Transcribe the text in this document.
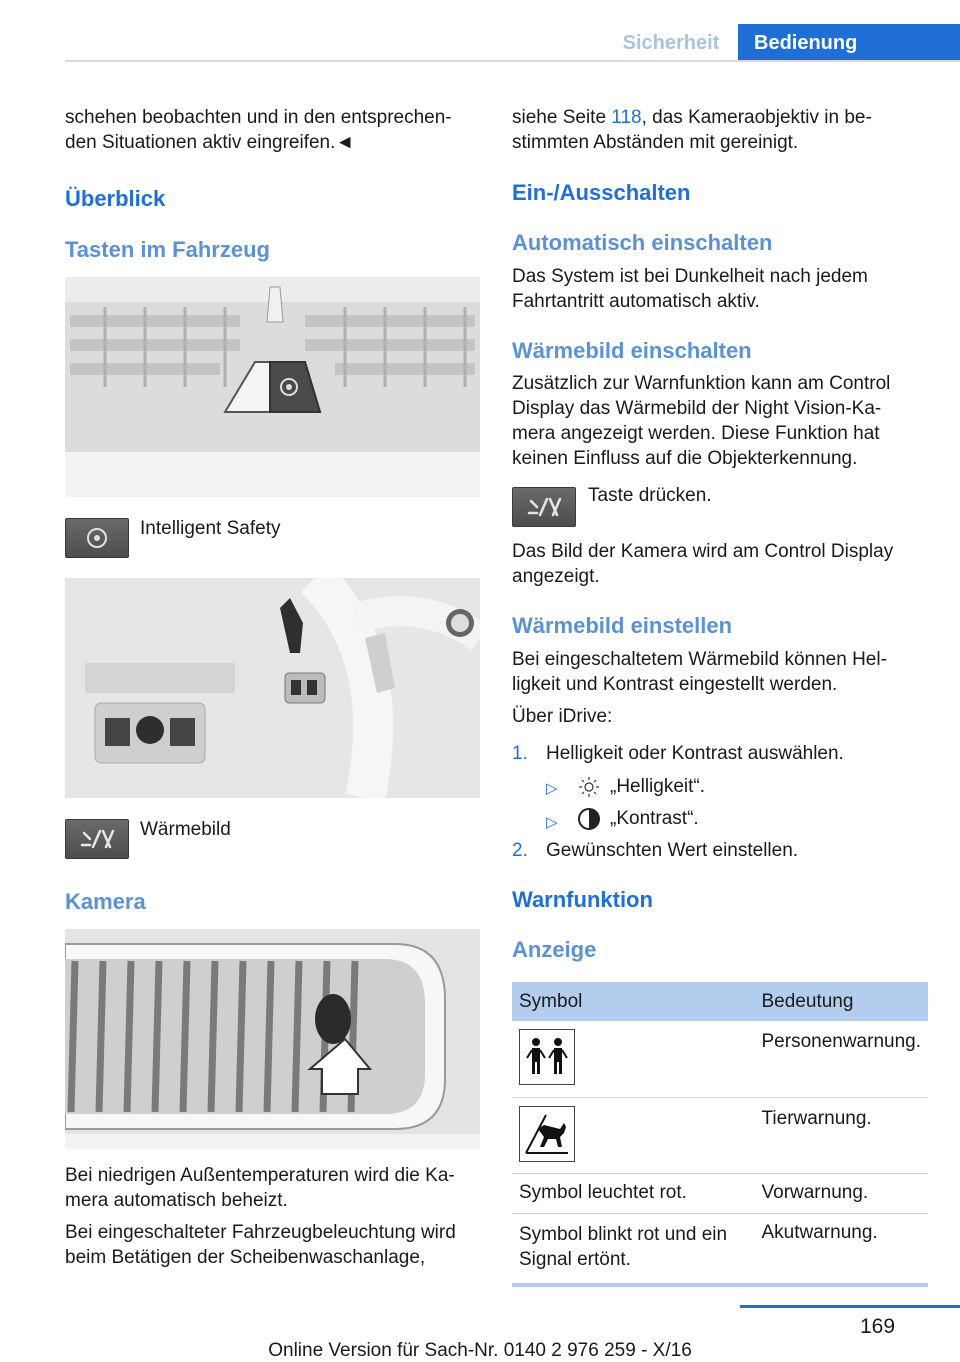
Sicherheit	Bedienung
schehen beobachten und in den entsprechen-
den Situationen aktiv eingreifen.◄
Überblick
Tasten im Fahrzeug
Intelligent Safety
Wärmebild
Kamera
Bei niedrigen Außentemperaturen wird die Ka-
mera automatisch beheizt.
Bei eingeschalteter Fahrzeugbeleuchtung wird
beim Betätigen der Scheibenwaschanlage,
siehe Seite 118, das Kameraobjektiv in be-
stimmten Abständen mit gereinigt.
Ein-/Ausschalten
Automatisch einschalten
Das System ist bei Dunkelheit nach jedem
Fahrtantritt automatisch aktiv.
Wärmebild einschalten
Zusätzlich zur Warnfunktion kann am Control
Display das Wärmebild der Night Vision-Ka-
mera angezeigt werden. Diese Funktion hat
keinen Einfluss auf die Objekterkennung.
Taste drücken.
Das Bild der Kamera wird am Control Display
angezeigt.
Wärmebild einstellen
Bei eingeschaltetem Wärmebild können Hel-
ligkeit und Kontrast eingestellt werden.
Über iDrive:
1. Helligkeit oder Kontrast auswählen.
▷	„Helligkeit“.
▷	„Kontrast“.
2. Gewünschten Wert einstellen.
Warnfunktion
Anzeige
Symbol	Bedeutung

	Personenwarnung.

	Tierwarnung.
Symbol leuchtet rot.	Vorwarnung.
Symbol blinkt rot und ein Signal ertönt.	Akutwarnung.
169
Online Version für Sach-Nr. 0140 2 976 259 - X/16
